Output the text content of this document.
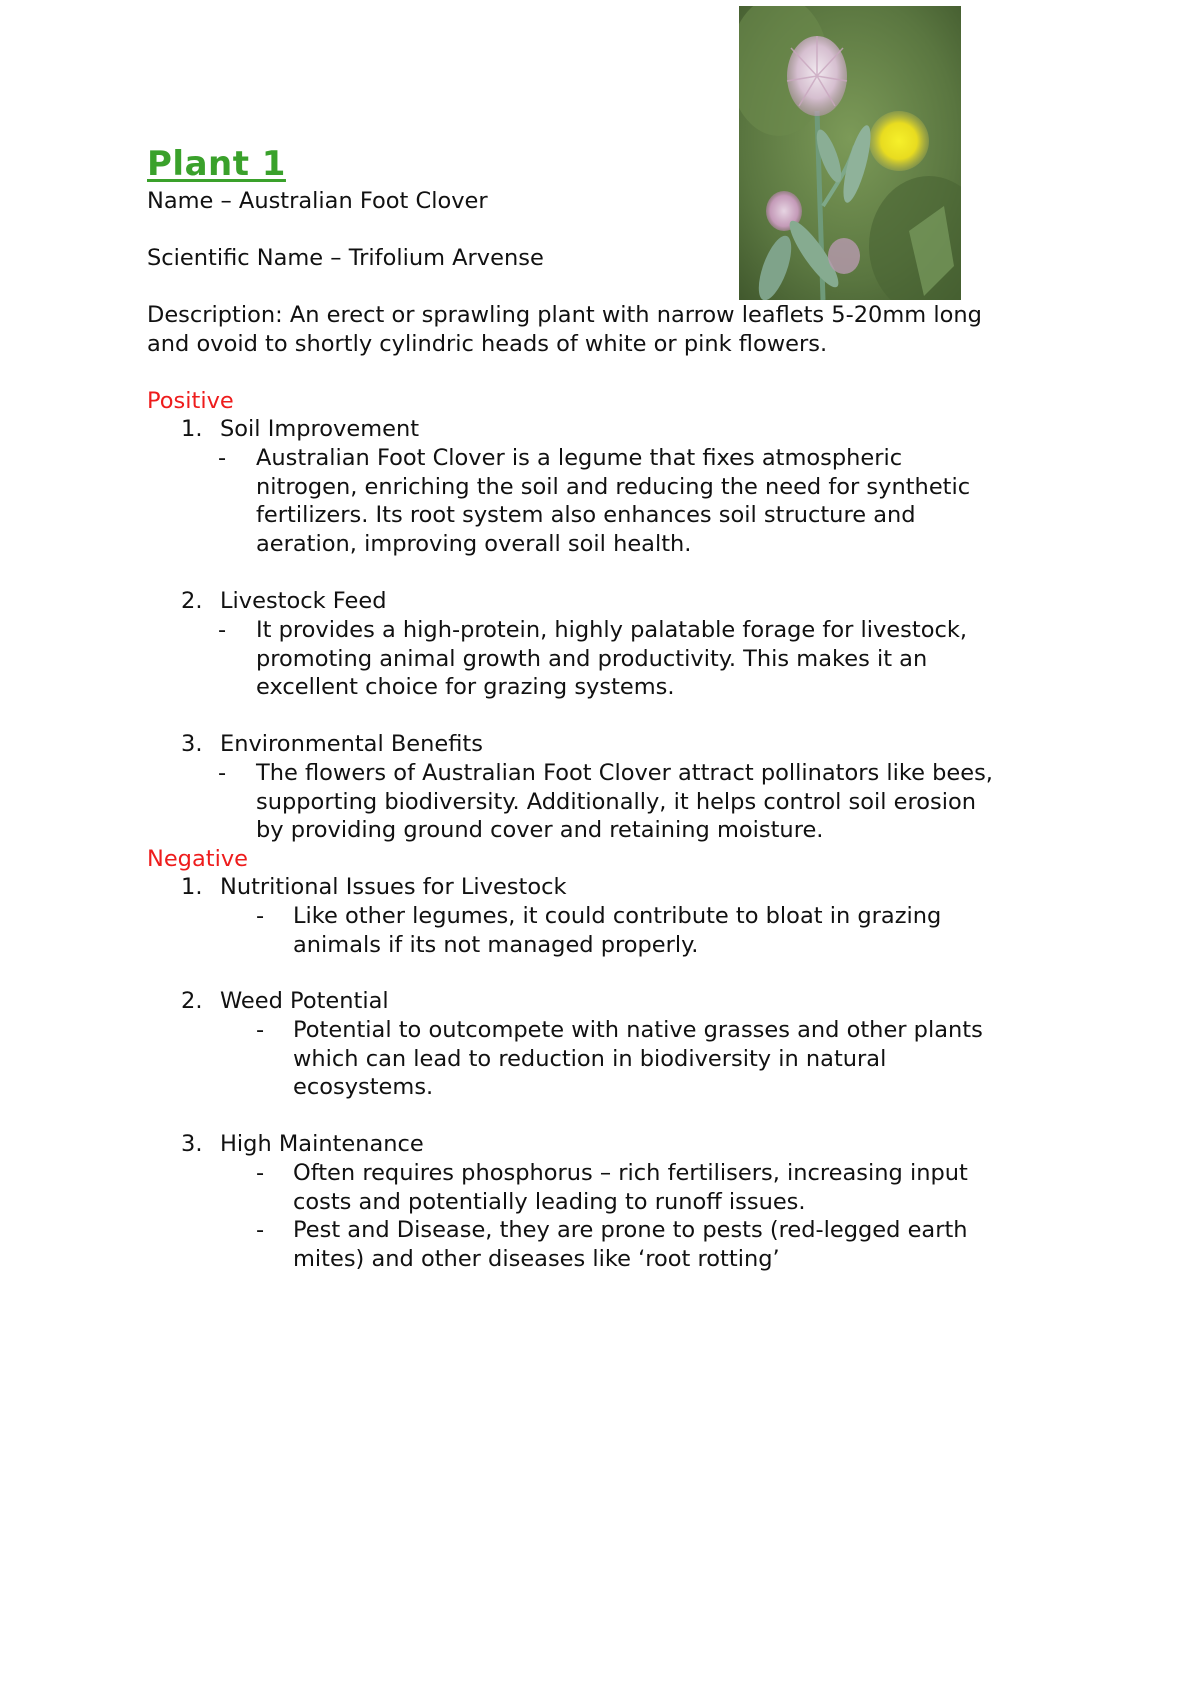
Plant 1
Name – Australian Foot Clover
Scientific Name – Trifolium Arvense
Description: An erect or sprawling plant with narrow leaflets 5-20mm long
and ovoid to shortly cylindric heads of white or pink flowers.
Positive
1. Soil Improvement
- Australian Foot Clover is a legume that fixes atmospheric
nitrogen, enriching the soil and reducing the need for synthetic
fertilizers. Its root system also enhances soil structure and
aeration, improving overall soil health.
2. Livestock Feed
- It provides a high-protein, highly palatable forage for livestock,
promoting animal growth and productivity. This makes it an
excellent choice for grazing systems.
3. Environmental Benefits
- The flowers of Australian Foot Clover attract pollinators like bees,
supporting biodiversity. Additionally, it helps control soil erosion
by providing ground cover and retaining moisture.
Negative
1. Nutritional Issues for Livestock
- Like other legumes, it could contribute to bloat in grazing
animals if its not managed properly.
2. Weed Potential
- Potential to outcompete with native grasses and other plants
which can lead to reduction in biodiversity in natural
ecosystems.
3. High Maintenance
- Often requires phosphorus – rich fertilisers, increasing input
costs and potentially leading to runoff issues.
- Pest and Disease, they are prone to pests (red-legged earth
mites) and other diseases like ‘root rotting’
